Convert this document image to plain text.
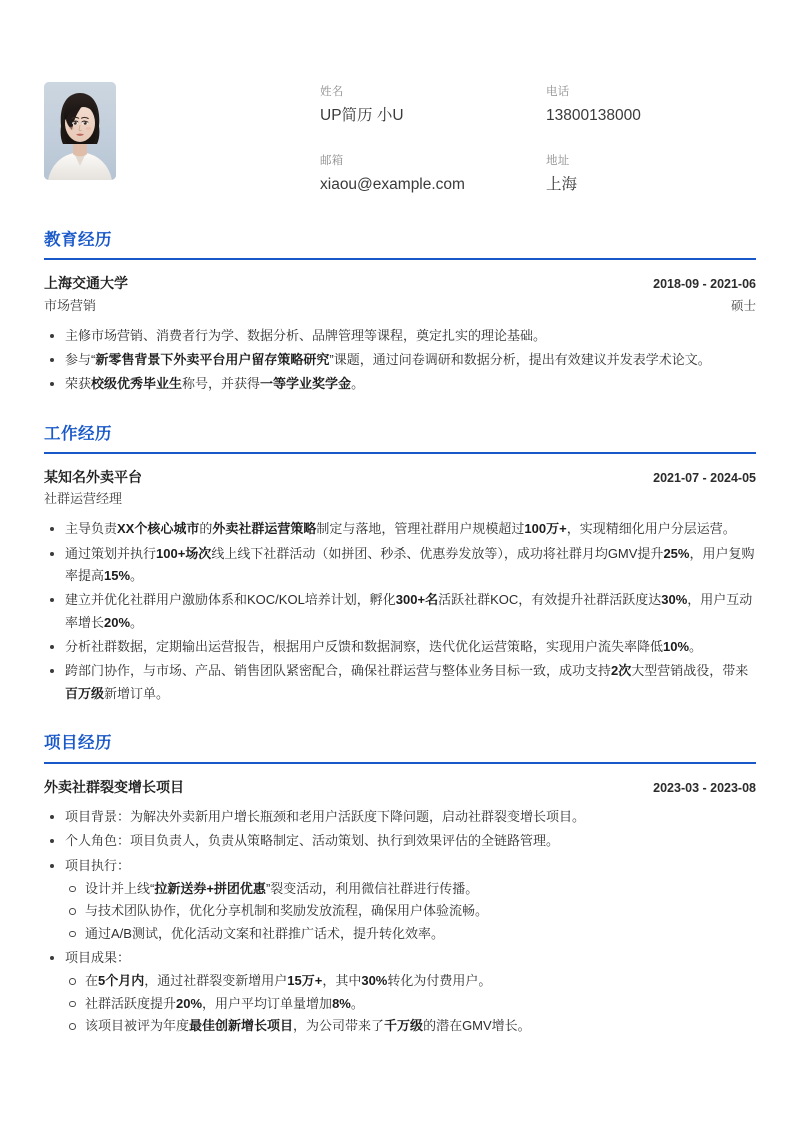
姓名
UP简历 小U
电话
13800138000
邮箱
xiaou@example.com
地址
上海
教育经历
上海交通大学	2018-09 - 2021-06
市场营销	硕士
主修市场营销、消费者行为学、数据分析、品牌管理等课程，奠定扎实的理论基础。
参与“新零售背景下外卖平台用户留存策略研究”课题，通过问卷调研和数据分析，提出有效建议并发表学术论文。
荣获校级优秀毕业生称号，并获得一等学业奖学金。
工作经历
某知名外卖平台	2021-07 - 2024-05
社群运营经理
主导负责XX个核心城市的外卖社群运营策略制定与落地，管理社群用户规模超过100万+，实现精细化用户分层运营。
通过策划并执行100+场次线上线下社群活动（如拼团、秒杀、优惠券发放等），成功将社群月均GMV提升25%，用户复购率提高15%。
建立并优化社群用户激励体系和KOC/KOL培养计划，孵化300+名活跃社群KOC，有效提升社群活跃度达30%，用户互动率增长20%。
分析社群数据，定期输出运营报告，根据用户反馈和数据洞察，迭代优化运营策略，实现用户流失率降低10%。
跨部门协作，与市场、产品、销售团队紧密配合，确保社群运营与整体业务目标一致，成功支持2次大型营销战役，带来百万级新增订单。
项目经历
外卖社群裂变增长项目	2023-03 - 2023-08
项目背景：为解决外卖新用户增长瓶颈和老用户活跃度下降问题，启动社群裂变增长项目。
个人角色：项目负责人，负责从策略制定、活动策划、执行到效果评估的全链路管理。
项目执行：
设计并上线“拉新送券+拼团优惠”裂变活动，利用微信社群进行传播。
与技术团队协作，优化分享机制和奖励发放流程，确保用户体验流畅。
通过A/B测试，优化活动文案和社群推广话术，提升转化效率。
项目成果：
在5个月内，通过社群裂变新增用户15万+，其中30%转化为付费用户。
社群活跃度提升20%，用户平均订单量增加8%。
该项目被评为年度最佳创新增长项目，为公司带来了千万级的潜在GMV增长。
